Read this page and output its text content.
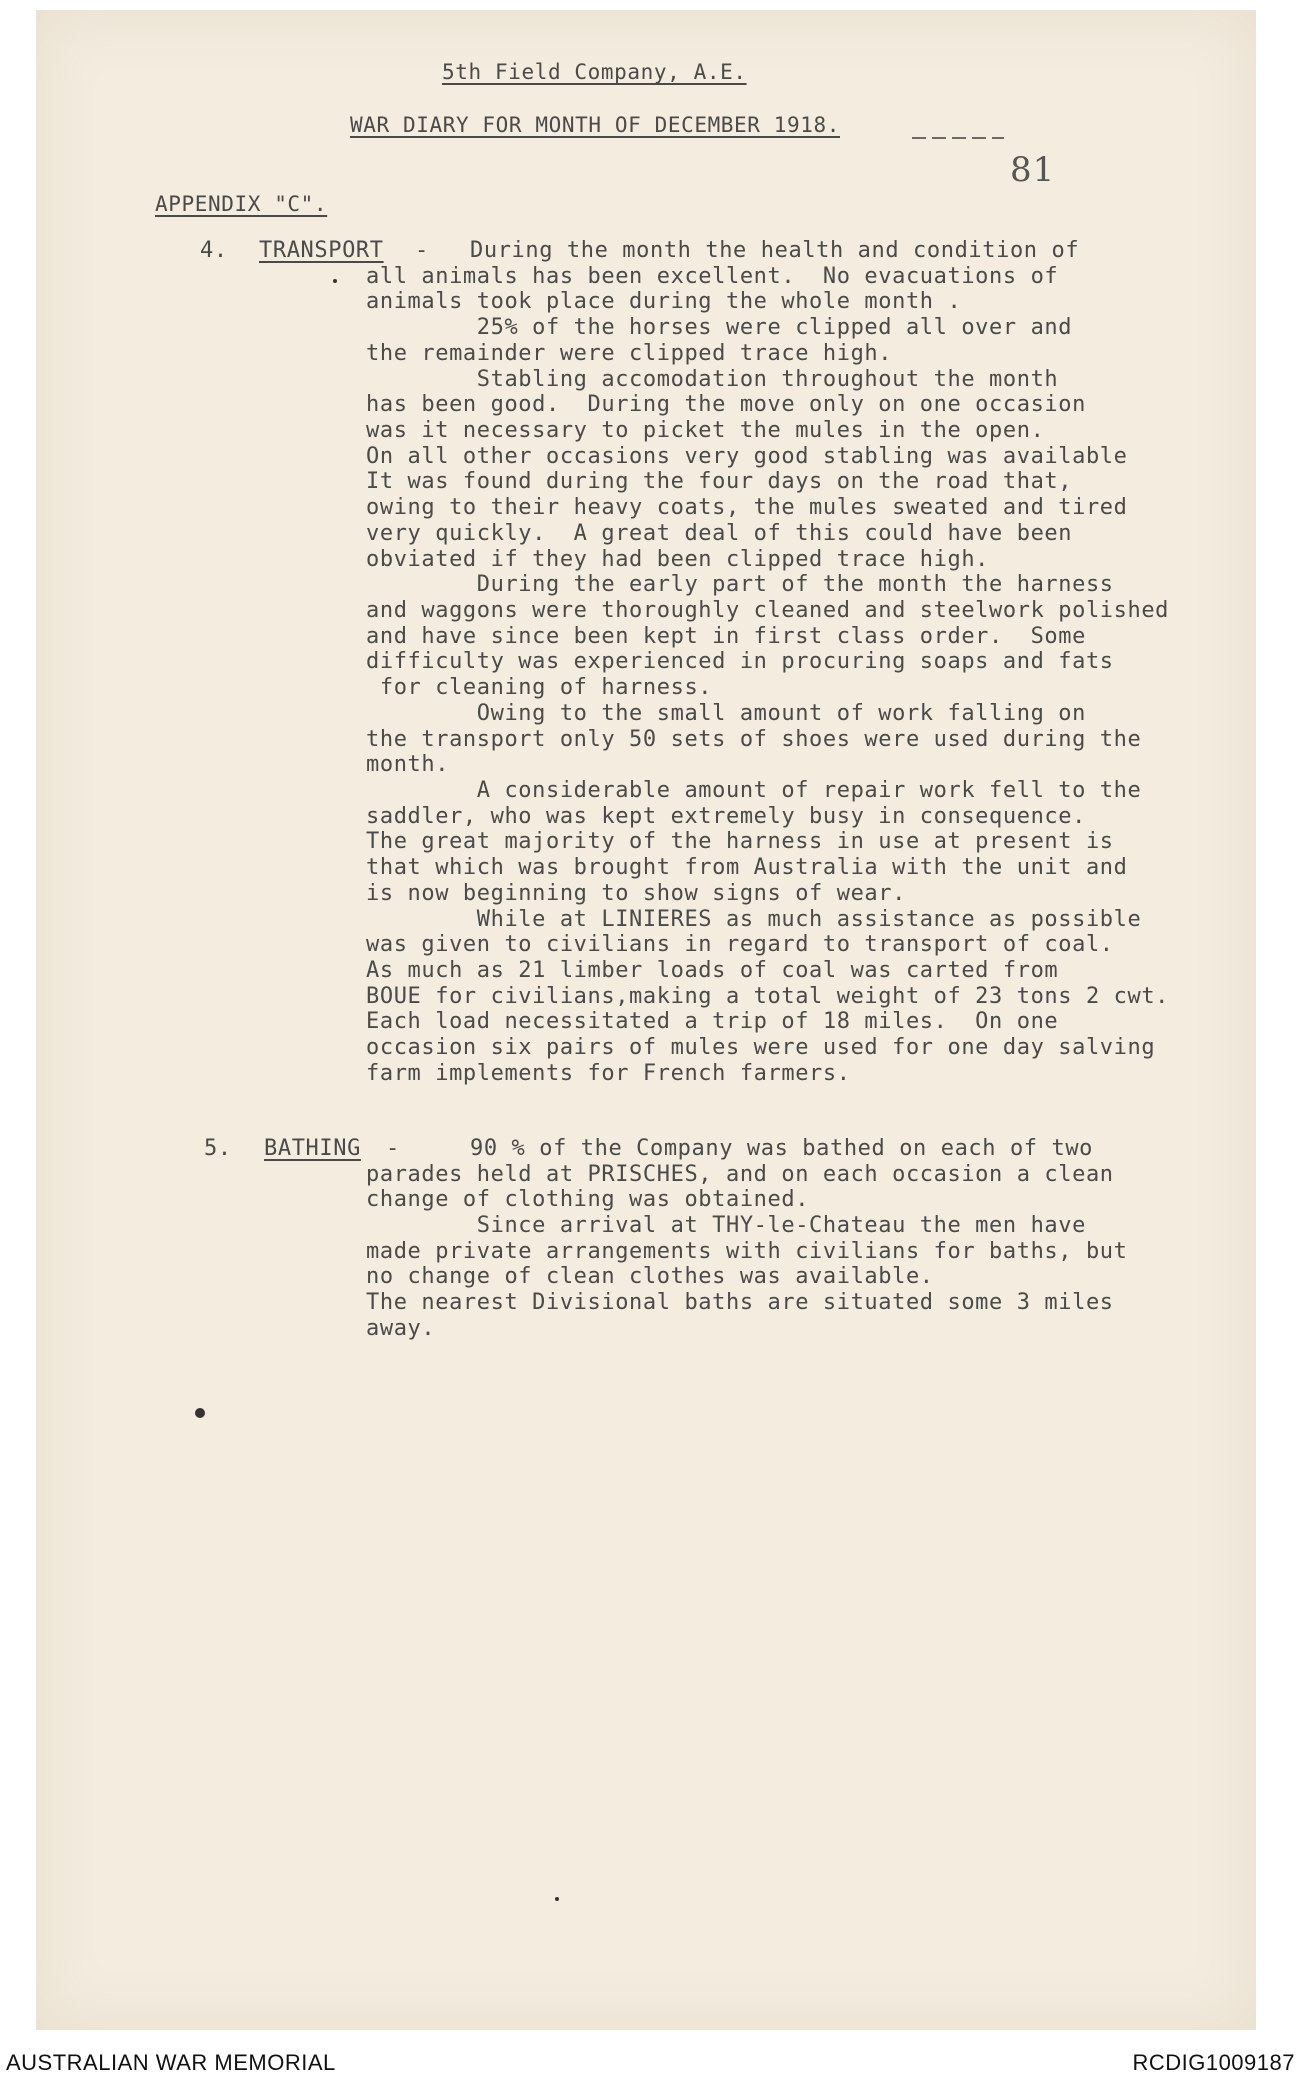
5th Field Company, A.E.
WAR DIARY FOR MONTH OF DECEMBER 1918.
81
APPENDIX "C".
4. TRANSPORT - During the month the health and condition of
all animals has been excellent.  No evacuations of
animals took place during the whole month .
25% of the horses were clipped all over and
the remainder were clipped trace high.
Stabling accomodation throughout the month
has been good.  During the move only on one occasion
was it necessary to picket the mules in the open.
On all other occasions very good stabling was available
It was found during the four days on the road that,
owing to their heavy coats, the mules sweated and tired
very quickly.  A great deal of this could have been
obviated if they had been clipped trace high.
During the early part of the month the harness
and waggons were thoroughly cleaned and steelwork polished
and have since been kept in first class order.  Some
difficulty was experienced in procuring soaps and fats
for cleaning of harness.
Owing to the small amount of work falling on
the transport only 50 sets of shoes were used during the
month.
A considerable amount of repair work fell to the
saddler, who was kept extremely busy in consequence.
The great majority of the harness in use at present is
that which was brought from Australia with the unit and
is now beginning to show signs of wear.
While at LINIERES as much assistance as possible
was given to civilians in regard to transport of coal.
As much as 21 limber loads of coal was carted from
BOUE for civilians,making a total weight of 23 tons 2 cwt.
Each load necessitated a trip of 18 miles.  On one
occasion six pairs of mules were used for one day salving
farm implements for French farmers.
5. BATHING -	90 % of the Company was bathed on each of two
parades held at PRISCHES, and on each occasion a clean
change of clothing was obtained.
Since arrival at THY-le-Chateau the men have
made private arrangements with civilians for baths, but
no change of clean clothes was available.
The nearest Divisional baths are situated some 3 miles
away.
AUSTRALIAN WAR MEMORIAL	RCDIG1009187
